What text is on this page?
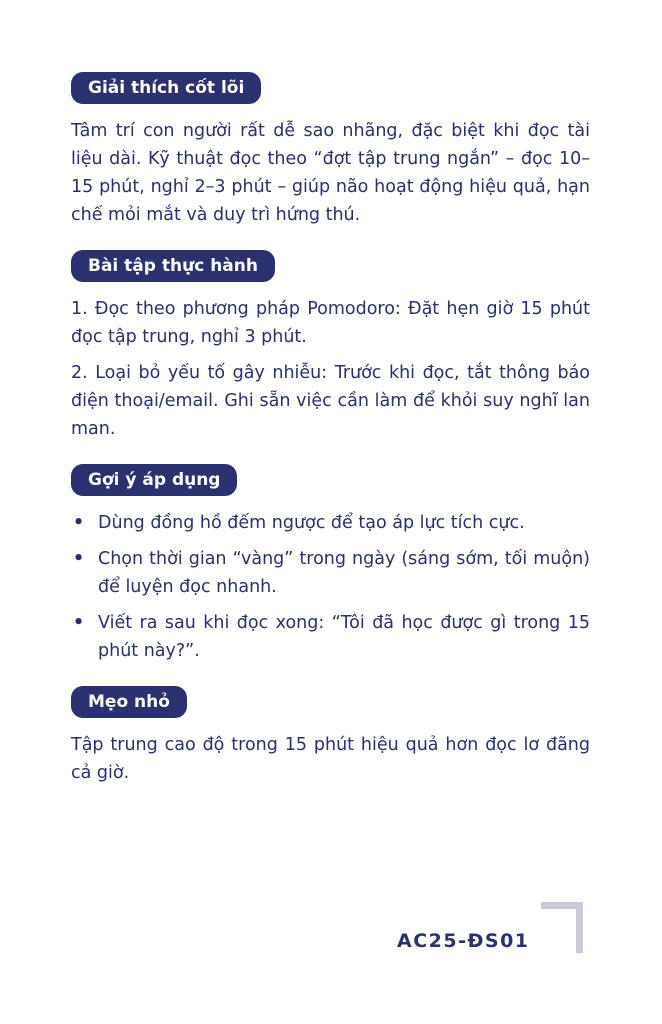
Giải thích cốt lõi

Tâm trí con người rất dễ sao nhãng, đặc biệt khi đọc tài liệu dài. Kỹ thuật đọc theo “đợt tập trung ngắn” – đọc 10–15 phút, nghỉ 2–3 phút – giúp não hoạt động hiệu quả, hạn chế mỏi mắt và duy trì hứng thú.

Bài tập thực hành

1. Đọc theo phương pháp Pomodoro: Đặt hẹn giờ 15 phút đọc tập trung, nghỉ 3 phút.

2. Loại bỏ yếu tố gây nhiễu: Trước khi đọc, tắt thông báo điện thoại/email. Ghi sẵn việc cần làm để khỏi suy nghĩ lan man.

Gợi ý áp dụng
• Dùng đồng hồ đếm ngược để tạo áp lực tích cực.
• Chọn thời gian “vàng” trong ngày (sáng sớm, tối muộn) để luyện đọc nhanh.
• Viết ra sau khi đọc xong: “Tôi đã học được gì trong 15 phút này?”.
Mẹo nhỏ

Tập trung cao độ trong 15 phút hiệu quả hơn đọc lơ đãng cả giờ.

AC25-ĐS01
